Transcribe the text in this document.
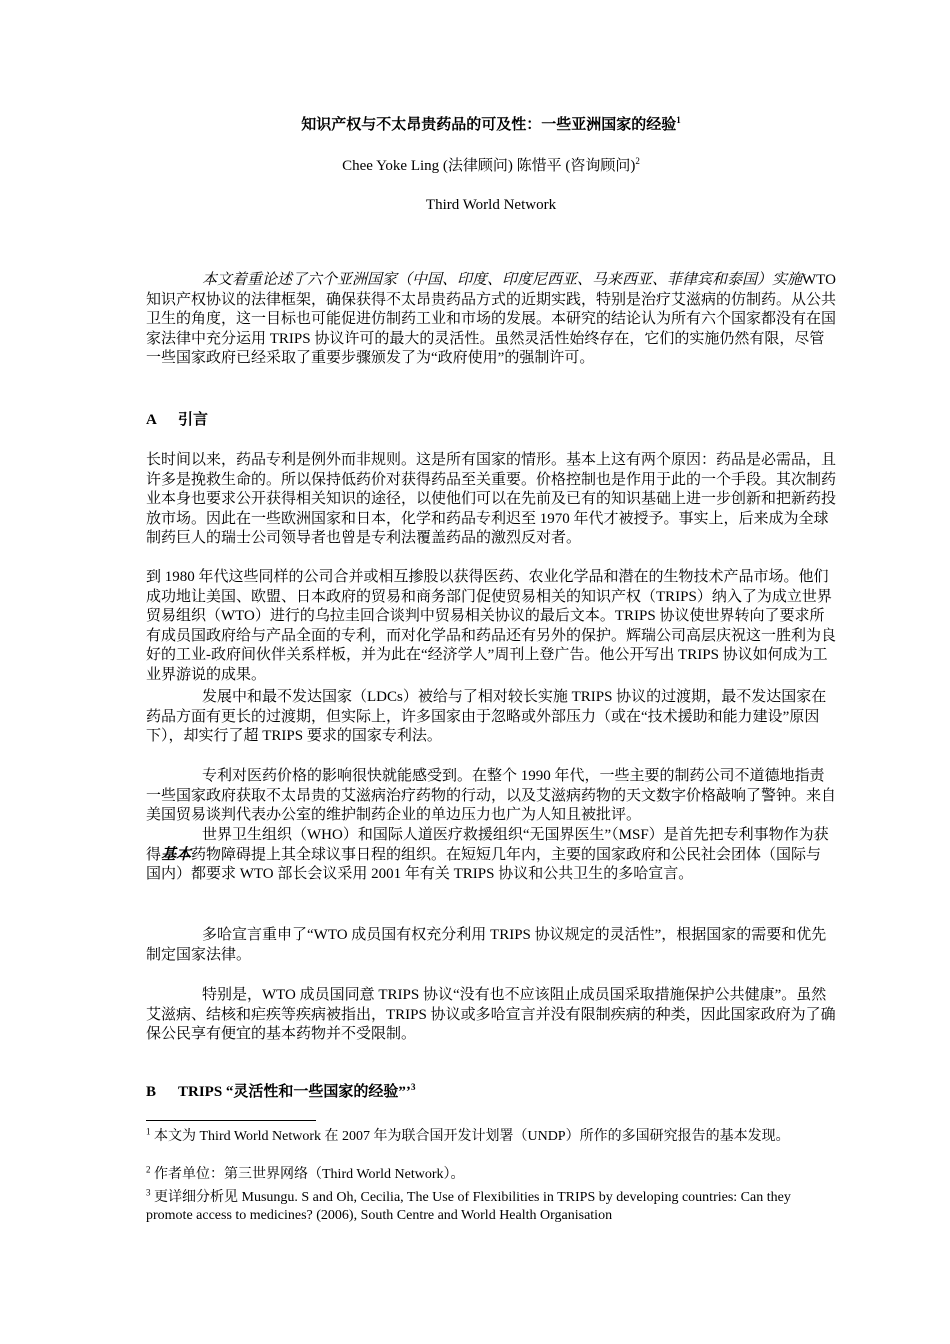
知识产权与不太昂贵药品的可及性：一些亚洲国家的经验$^1$
Chee Yoke Ling (法律顾问) 陈惜平 (咨询顾问)$^2$
Third World Network
本文着重论述了六个亚洲国家（中国、印度、印度尼西亚、马来西亚、菲律宾和泰国）实施WTO 知识产权协议的法律框架，确保获得不太昂贵药品方式的近期实践，特别是治疗艾滋病的仿制药。从公共卫生的角度，这一目标也可能促进仿制药工业和市场的发展。本研究的结论认为所有六个国家都没有在国家法律中充分运用 TRIPS 协议许可的最大的灵活性。虽然灵活性始终存在，它们的实施仍然有限，尽管一些国家政府已经采取了重要步骤颁发了为“政府使用”的强制许可。
A 引言
长时间以来，药品专利是例外而非规则。这是所有国家的情形。基本上这有两个原因：药品是必需品，且许多是挽救生命的。所以保持低药价对获得药品至关重要。价格控制也是作用于此的一个手段。其次制药业本身也要求公开获得相关知识的途径，以使他们可以在先前及已有的知识基础上进一步创新和把新药投放市场。因此在一些欧洲国家和日本，化学和药品专利迟至 1970 年代才被授予。事实上，后来成为全球制药巨人的瑞士公司领导者也曾是专利法覆盖药品的激烈反对者。
到 1980 年代这些同样的公司合并或相互掺股以获得医药、农业化学品和潜在的生物技术产品市场。他们成功地让美国、欧盟、日本政府的贸易和商务部门促使贸易相关的知识产权（TRIPS）纳入了为成立世界贸易组织（WTO）进行的乌拉圭回合谈判中贸易相关协议的最后文本。TRIPS 协议使世界转向了要求所有成员国政府给与产品全面的专利，而对化学品和药品还有另外的保护。辉瑞公司高层庆祝这一胜利为良好的工业-政府间伙伴关系样板，并为此在“经济学人”周刊上登广告。他公开写出 TRIPS 协议如何成为工业界游说的成果。
发展中和最不发达国家（LDCs）被给与了相对较长实施 TRIPS 协议的过渡期，最不发达国家在药品方面有更长的过渡期，但实际上，许多国家由于忽略或外部压力（或在“技术援助和能力建设”原因下），却实行了超 TRIPS 要求的国家专利法。
专利对医药价格的影响很快就能感受到。在整个 1990 年代，一些主要的制药公司不道德地指责一些国家政府获取不太昂贵的艾滋病治疗药物的行动，以及艾滋病药物的天文数字价格敲响了警钟。来自美国贸易谈判代表办公室的维护制药企业的单边压力也广为人知且被批评。
世界卫生组织（WHO）和国际人道医疗救援组织“无国界医生”（MSF）是首先把专利事物作为获得基本药物障碍提上其全球议事日程的组织。在短短几年内，主要的国家政府和公民社会团体（国际与国内）都要求 WTO 部长会议采用 2001 年有关 TRIPS 协议和公共卫生的多哈宣言。
多哈宣言重申了“WTO 成员国有权充分利用 TRIPS 协议规定的灵活性”，根据国家的需要和优先制定国家法律。
特别是，WTO 成员国同意 TRIPS 协议“没有也不应该阻止成员国采取措施保护公共健康”。虽然艾滋病、结核和疟疾等疾病被指出，TRIPS 协议或多哈宣言并没有限制疾病的种类，因此国家政府为了确保公民享有便宜的基本药物并不受限制。
B TRIPS “灵活性和一些国家的经验”’$^3$
$^1$ 本文为 Third World Network 在 2007 年为联合国开发计划署（UNDP）所作的多国研究报告的基本发现。
$^2$ 作者单位：第三世界网络（Third World Network）。
$^3$ 更详细分析见 Musungu. S and Oh, Cecilia, The Use of Flexibilities in TRIPS by developing countries: Can they promote access to medicines? (2006), South Centre and World Health Organisation
